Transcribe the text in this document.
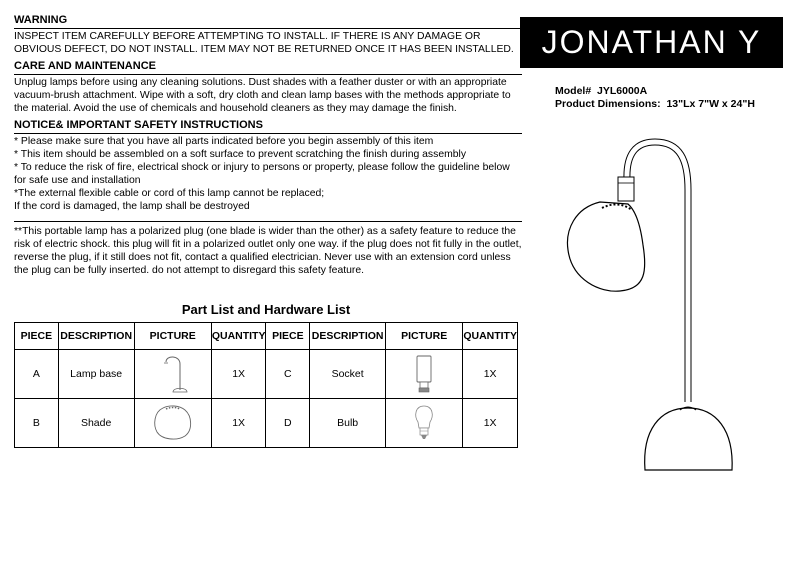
WARNING
INSPECT ITEM CAREFULLY BEFORE ATTEMPTING TO INSTALL. IF THERE IS ANY DAMAGE OR OBVIOUS DEFECT, DO NOT INSTALL. ITEM MAY NOT BE RETURNED ONCE IT HAS BEEN INSTALLED.
CARE AND MAINTENANCE

Unplug lamps before using any cleaning solutions. Dust shades with a feather duster or with an appropriate

vacuum-brush attachment. Wipe with a soft, dry cloth and clean lamp bases with the methods appropriate to the material. Avoid the use of chemicals and household cleaners as they may damage the finish.

NOTICE& IMPORTANT SAFETY INSTRUCTIONS

* Please make sure that you have all parts indicated before you begin assembly of this item

* This item should be assembled on a soft surface to prevent scratching the finish during assembly

* To reduce the risk of fire, electrical shock or injury to persons or property, please follow the guideline below for safe use and installation

*The external flexible cable or cord of this lamp cannot be replaced;

If the cord is damaged, the lamp shall be destroyed

**This portable lamp has a polarized plug (one blade is wider than the other) as a safety feature to reduce the risk of electric shock. this plug will fit in a polarized outlet only one way. if the plug does not fit fully in the outlet, reverse the plug, if it still does not fit, contact a qualified electrician. Never use with an extension cord unless the plug can be fully inserted. do not attempt to disregard this safety feature.
JONATHAN Y
Model# JYL6000A
Product Dimensions: 13"Lx 7"W x 24"H
Part List and Hardware List
PIECE	DESCRIPTION	PICTURE	QUANTITY	PIECE	DESCRIPTION	PICTURE	QUANTITY
A	Lamp base		1X	C	Socket		1X
B	Shade		1X	D	Bulb		1X
